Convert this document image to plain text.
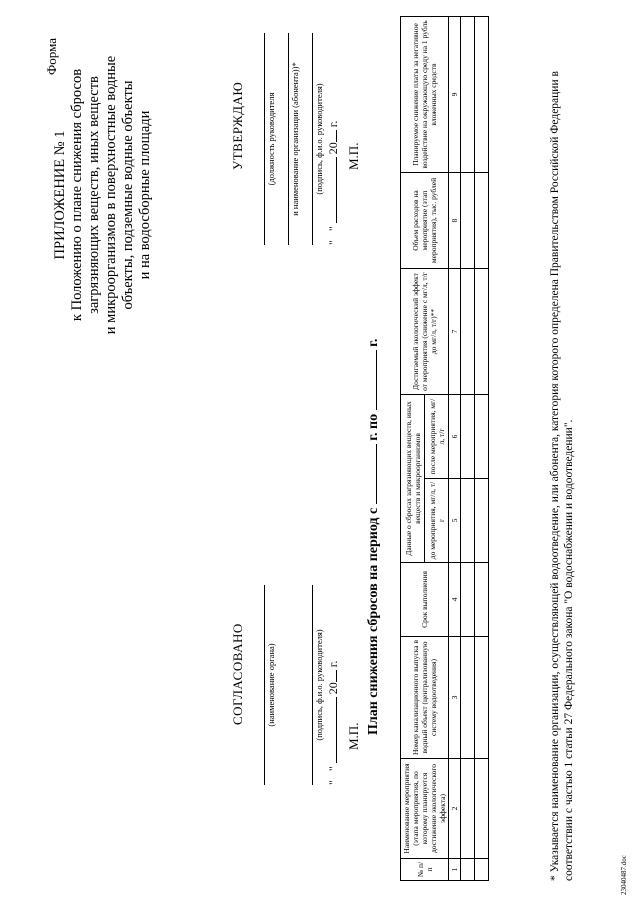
ПРИЛОЖЕНИЕ № 1 к Положению о плане снижения сбросов загрязняющих веществ, иных веществ и микроорганизмов в поверхностные водные объекты, подземные водные объекты и на водосборные площади
Форма
УТВЕРЖДАЮ (должность руководителя и наименование организации (абонента))* (подпись, ф.и.о. руководителя)
"   "  20 г.
М.П.
СОГЛАСОВАНО (наименование органа)	(подпись, ф.и.о. руководителя)
"   "  20 г.
М.П.
План снижения сбросов на период с  г. по  г.
№ п/п	Наименование мероприятия (этапа мероприятия, по которому планируется достижение экологического эффекта)	Номер канализационного выпуска в водный объект (централизованную систему водоотведения)	Срок выполнения	Данные о сбросах загрязняющих веществ, иных веществ и микроорганизмов		Достигаемый экологический эффект от мероприятия (снижение с мг/л, т/г до мг/л, т/г)**	Объем расходов на мероприятие (этап мероприятия), тыс. рублей	Планируемое снижение платы за негативное воздействие на окружающую среду на 1 рубль вложенных средств
				до мероприятия, мг/л, т/г	после мероприятия, мг/л, т/г			
1	2	3	4	5	6	7	8	9

									* Указывается наименование организации, осуществляющей водоотведение, или абонента, категория которого определена Правительством Российской Федерации в соответствии с частью 1 статьи 27 Федерального закона "О водоснабжении и водоотведении".	23040487.doc
